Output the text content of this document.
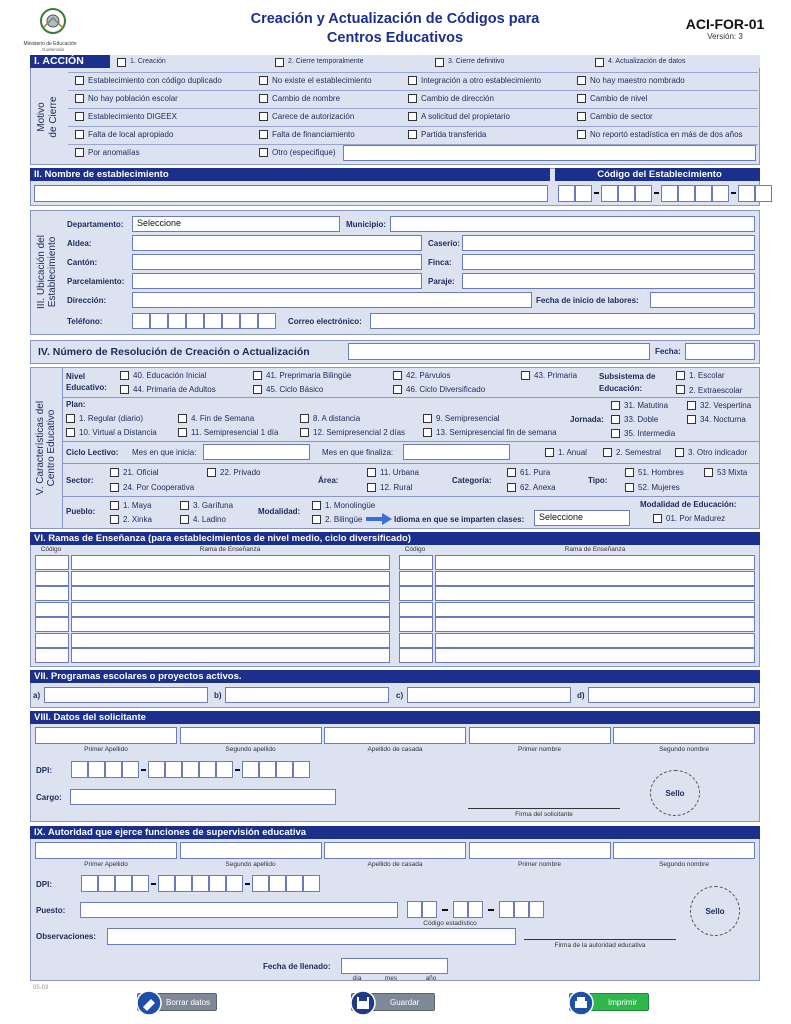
Ministerio de Educación
Guatemala
Creación y Actualización de Códigos para
Centros Educativos
ACI-FOR-01
Versión: 3
I. ACCIÓN	1. Creación	2. Cierre temporalmente	3. Cierre definitivo	4. Actualización de datos
Motivo de Cierre
Por anomalías	Otro (especifique)
II. Nombre de establecimiento	Código del Establecimiento
III. Ubicación del Establecimiento
Departamento:	Seleccione	Municipio:
Aldea:	Caserío:
Cantón:	Finca:
Parcelamiento:	Paraje:
Dirección:	Fecha de inicio de labores:
Teléfono:	Correo electrónico:
IV. Número de Resolución de Creación o Actualización	Fecha:
V. Características del Centro Educativo
Nivel
Educativo:
Subsistema de
Educación:
1. Escolar
2. Extraescolar
Plan:
Jornada:
Ciclo Lectivo: Mes en que inicia:	Mes en que finaliza:	1. Anual	2. Semestral	3. Otro indicador
Sector:
21. Oficial	22. Privado
24. Por Cooperativa
Área:
11. Urbana
12. Rural
Categoría:
61. Pura
62. Anexa
Tipo:
51. Hombres	53 Mixta
52. Mujeres
Pueblo:
1. Maya	3. Garífuna
2. Xinka	4. Ladino
Modalidad:
1. Monolingüe
2. Bilingüe	Idioma en que se imparten clases:	Seleccione
Modalidad de Educación:
01. Por Madurez
VI. Ramas de Enseñanza (para establecimientos de nivel medio, ciclo diversificado)
Código	Rama de Enseñanza	Código	Rama de Enseñanza
VII. Programas escolares o proyectos activos.
a)	b)	c)	d)
VIII. Datos del solicitante
DPI:
Cargo:
Firma del solicitante
Sello
IX. Autoridad que ejerce funciones de supervisión educativa
DPI:
Puesto:
Código estadístico
Sello
Observaciones:
Firma de la autoridad educativa
Fecha de llenado:
día	mes	año
05-03
Borrar datos	Guardar	Imprimir
Establecimiento con código duplicado	No existe el establecimiento	Integración a otro establecimiento	No hay maestro nombrado
No hay población escolar	Cambio de nombre	Cambio de dirección	Cambio de nivel
Establecimiento DIGEEX	Carece de autorización	A solicitud del propietario	Cambio de sector
Falta de local apropiado	Falta de financiamiento	Partida transferida	No reportó estadística en más de dos años
40. Educación Inicial	41. Preprimaria Bilingüe	42. Párvulos	43. Primaria
44. Primaria de Adultos	45. Ciclo Básico	46. Ciclo Diversificado
1. Regular (diario)	4. Fin de Semana	8. A distancia	9. Semipresencial
10. Virtual a Distancia	11. Semipresencial 1 día	12. Semipresencial 2 días	13. Semipresencial fin de semana
31. Matutina	32. Vespertina
33. Doble	34. Nocturna
35. Intermedia
Primer Apellido	Segundo apellido	Apellido de casada	Primer nombre	Segundo nombre
Primer Apellido	Segundo apellido	Apellido de casada	Primer nombre	Segundo nombre
